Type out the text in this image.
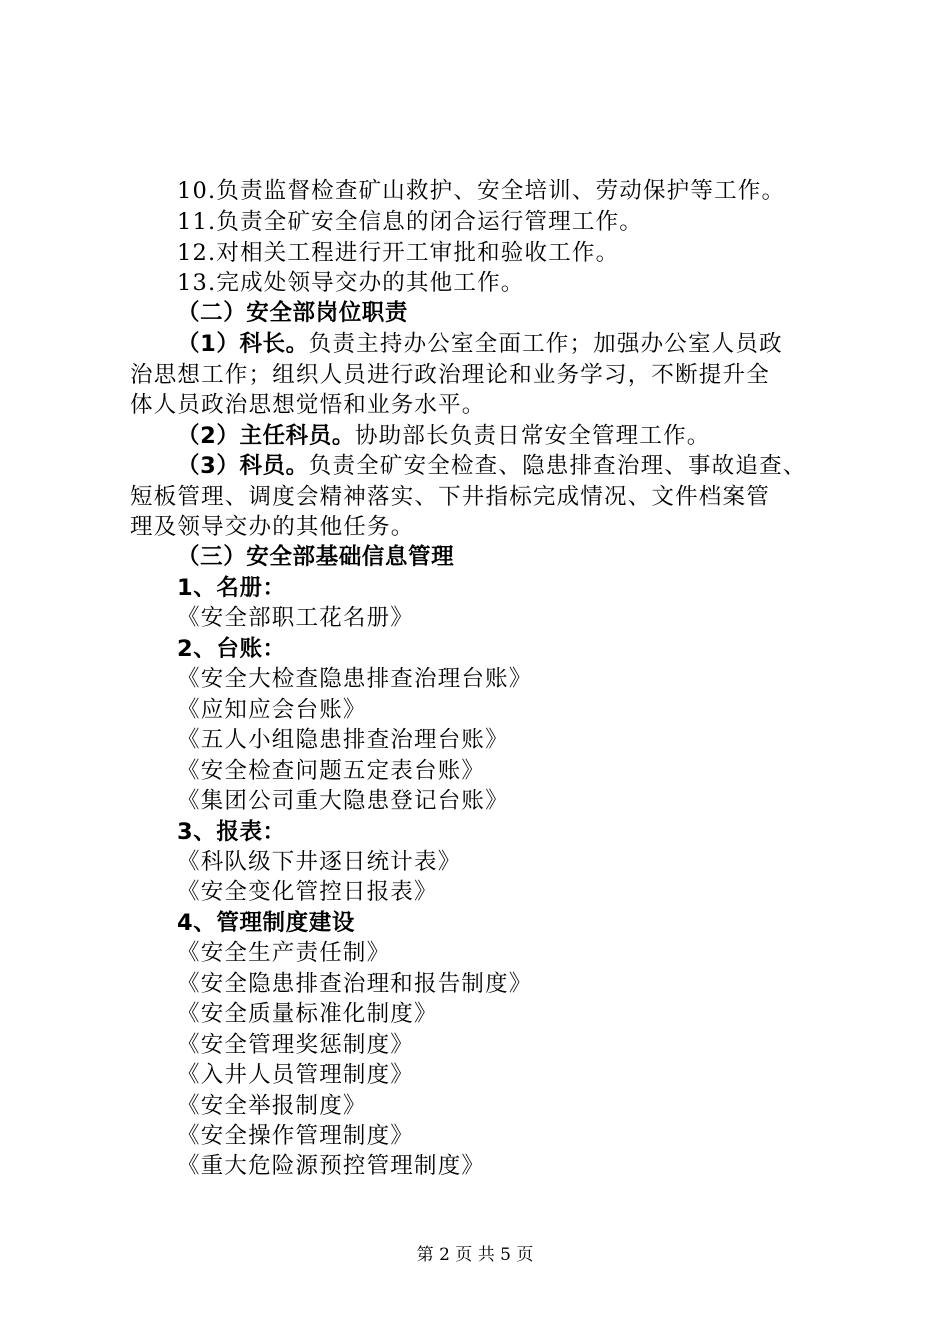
10.负责监督检查矿山救护、安全培训、劳动保护等工作。
11.负责全矿安全信息的闭合运行管理工作。
12.对相关工程进行开工审批和验收工作。
13.完成处领导交办的其他工作。
（二）安全部岗位职责
（1）科长。负责主持办公室全面工作；加强办公室人员政
治思想工作；组织人员进行政治理论和业务学习，不断提升全
体人员政治思想觉悟和业务水平。
（2）主任科员。协助部长负责日常安全管理工作。
（3）科员。负责全矿安全检查、隐患排查治理、事故追查、
短板管理、调度会精神落实、下井指标完成情况、文件档案管
理及领导交办的其他任务。
（三）安全部基础信息管理
1、名册：
《安全部职工花名册》
2、台账：
《安全大检查隐患排查治理台账》
《应知应会台账》
《五人小组隐患排查治理台账》
《安全检查问题五定表台账》
《集团公司重大隐患登记台账》
3、报表：
《科队级下井逐日统计表》
《安全变化管控日报表》
4、管理制度建设
《安全生产责任制》
《安全隐患排查治理和报告制度》
《安全质量标准化制度》
《安全管理奖惩制度》
《入井人员管理制度》
《安全举报制度》
《安全操作管理制度》
《重大危险源预控管理制度》
第 2 页 共 5 页
